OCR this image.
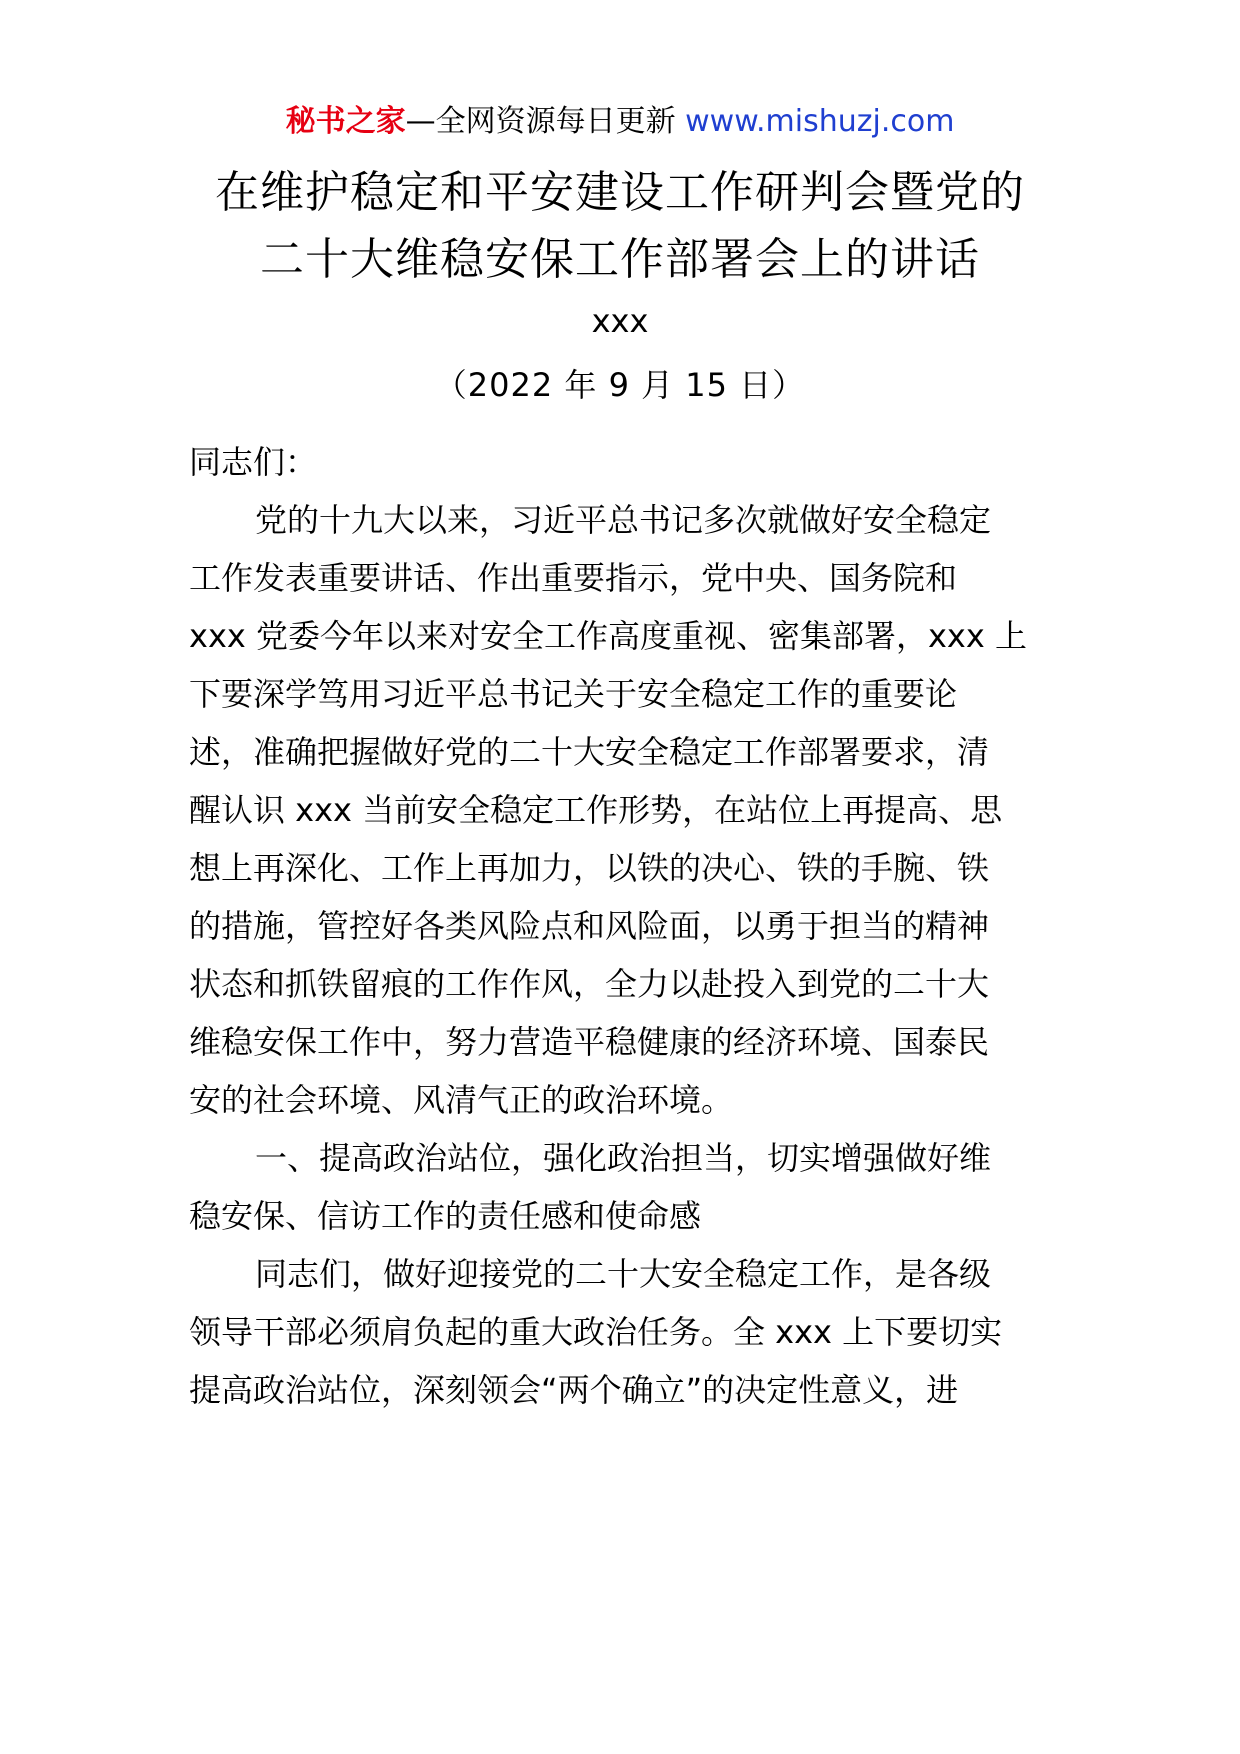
秘书之家—全网资源每日更新 www.mishuzj.com
在维护稳定和平安建设工作研判会暨党的
二十大维稳安保工作部署会上的讲话
xxx
（2022 年 9 月 15 日）
同志们：
党的十九大以来，习近平总书记多次就做好安全稳定
工作发表重要讲话、作出重要指示，党中央、国务院和
xxx 党委今年以来对安全工作高度重视、密集部署，xxx 上
下要深学笃用习近平总书记关于安全稳定工作的重要论
述，准确把握做好党的二十大安全稳定工作部署要求，清
醒认识 xxx 当前安全稳定工作形势，在站位上再提高、思
想上再深化、工作上再加力，以铁的决心、铁的手腕、铁
的措施，管控好各类风险点和风险面，以勇于担当的精神
状态和抓铁留痕的工作作风，全力以赴投入到党的二十大
维稳安保工作中，努力营造平稳健康的经济环境、国泰民
安的社会环境、风清气正的政治环境。
一、提高政治站位，强化政治担当，切实增强做好维
稳安保、信访工作的责任感和使命感
同志们，做好迎接党的二十大安全稳定工作，是各级
领导干部必须肩负起的重大政治任务。全 xxx 上下要切实
提高政治站位，深刻领会“两个确立”的决定性意义，进
